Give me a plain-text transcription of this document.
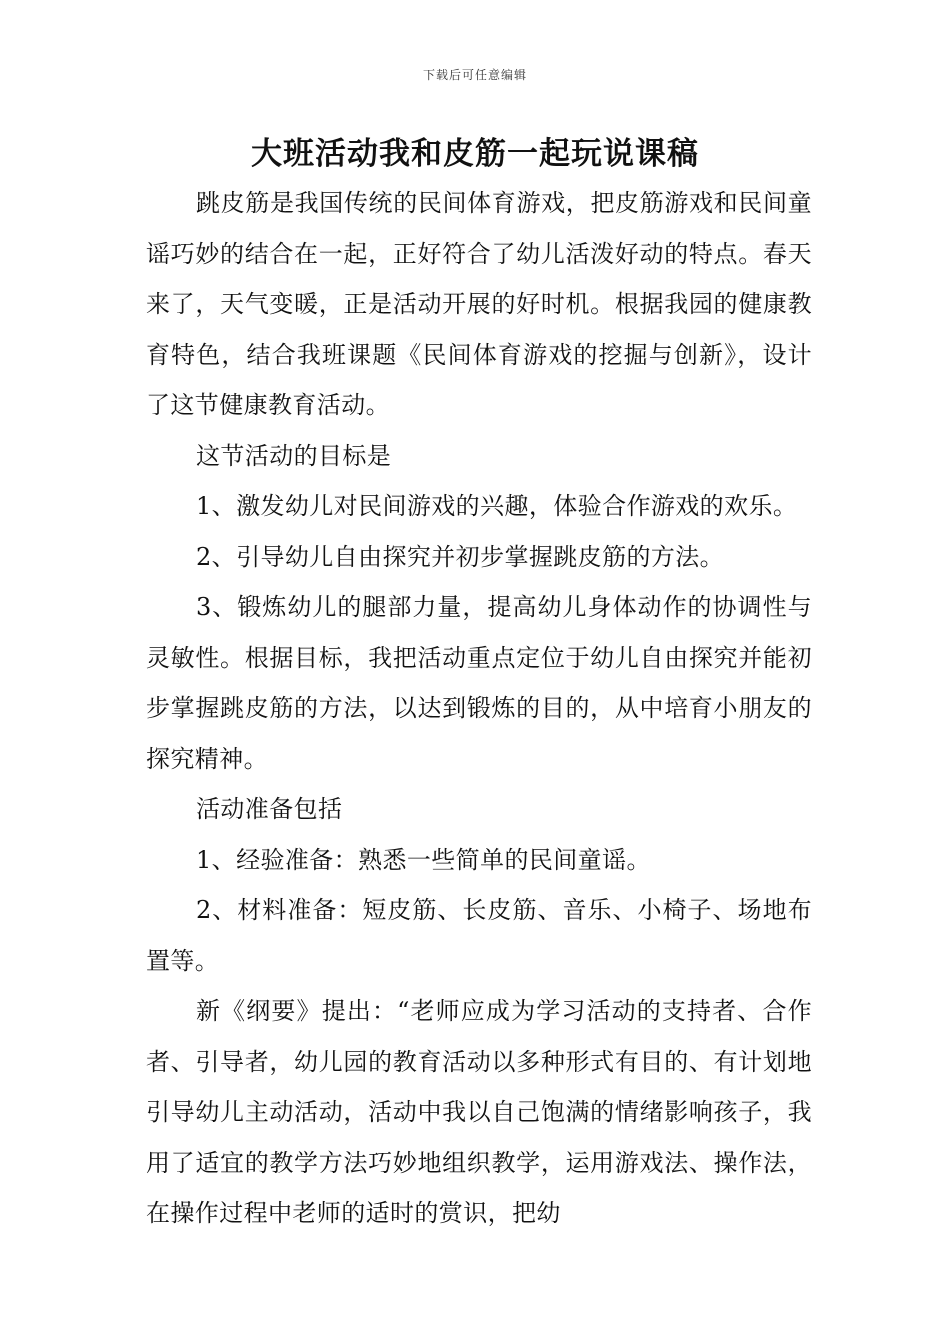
下载后可任意编辑
大班活动我和皮筋一起玩说课稿

跳皮筋是我国传统的民间体育游戏，把皮筋游戏和民间童谣巧妙的结合在一起，正好符合了幼儿活泼好动的特点。春天来了，天气变暖，正是活动开展的好时机。根据我园的健康教育特色，结合我班课题《民间体育游戏的挖掘与创新》，设计了这节健康教育活动。

这节活动的目标是

1、激发幼儿对民间游戏的兴趣，体验合作游戏的欢乐。

2、引导幼儿自由探究并初步掌握跳皮筋的方法。

3、锻炼幼儿的腿部力量，提高幼儿身体动作的协调性与灵敏性。根据目标，我把活动重点定位于幼儿自由探究并能初步掌握跳皮筋的方法，以达到锻炼的目的，从中培育小朋友的探究精神。

活动准备包括

1、经验准备：熟悉一些简单的民间童谣。

2、材料准备：短皮筋、长皮筋、音乐、小椅子、场地布置等。

新《纲要》提出：“老师应成为学习活动的支持者、合作者、引导者，幼儿园的教育活动以多种形式有目的、有计划地引导幼儿主动活动，活动中我以自己饱满的情绪影响孩子，我用了适宜的教学方法巧妙地组织教学，运用游戏法、操作法，在操作过程中老师的适时的赏识，把幼
